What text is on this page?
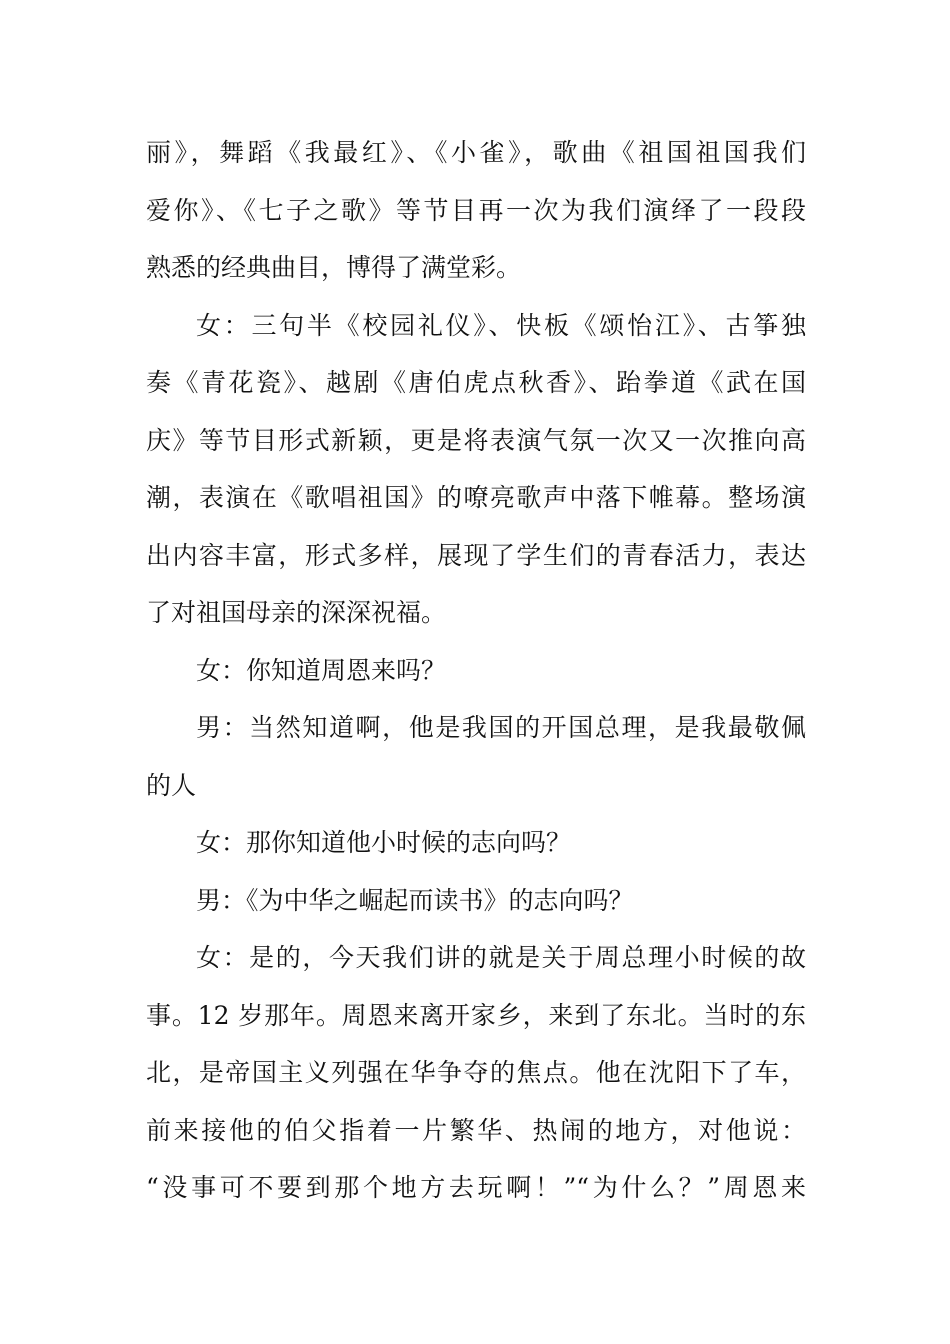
丽》，舞蹈《我最红》、《小雀》，歌曲《祖国祖国我们
爱你》、《七子之歌》等节目再一次为我们演绎了一段段
熟悉的经典曲目，博得了满堂彩。
女：三句半《校园礼仪》、快板《颂怡江》、古筝独
奏《青花瓷》、越剧《唐伯虎点秋香》、跆拳道《武在国
庆》等节目形式新颖，更是将表演气氛一次又一次推向高
潮，表演在《歌唱祖国》的嘹亮歌声中落下帷幕。整场演
出内容丰富，形式多样，展现了学生们的青春活力，表达
了对祖国母亲的深深祝福。
女：你知道周恩来吗？
男：当然知道啊，他是我国的开国总理，是我最敬佩
的人
女：那你知道他小时候的志向吗？
男：《为中华之崛起而读书》的志向吗？
女：是的，今天我们讲的就是关于周总理小时候的故
事。12 岁那年。周恩来离开家乡，来到了东北。当时的东
北，是帝国主义列强在华争夺的焦点。他在沈阳下了车，
前来接他的伯父指着一片繁华、热闹的地方，对他说：
“没事可不要到那个地方去玩啊！”“为什么？”周恩来
